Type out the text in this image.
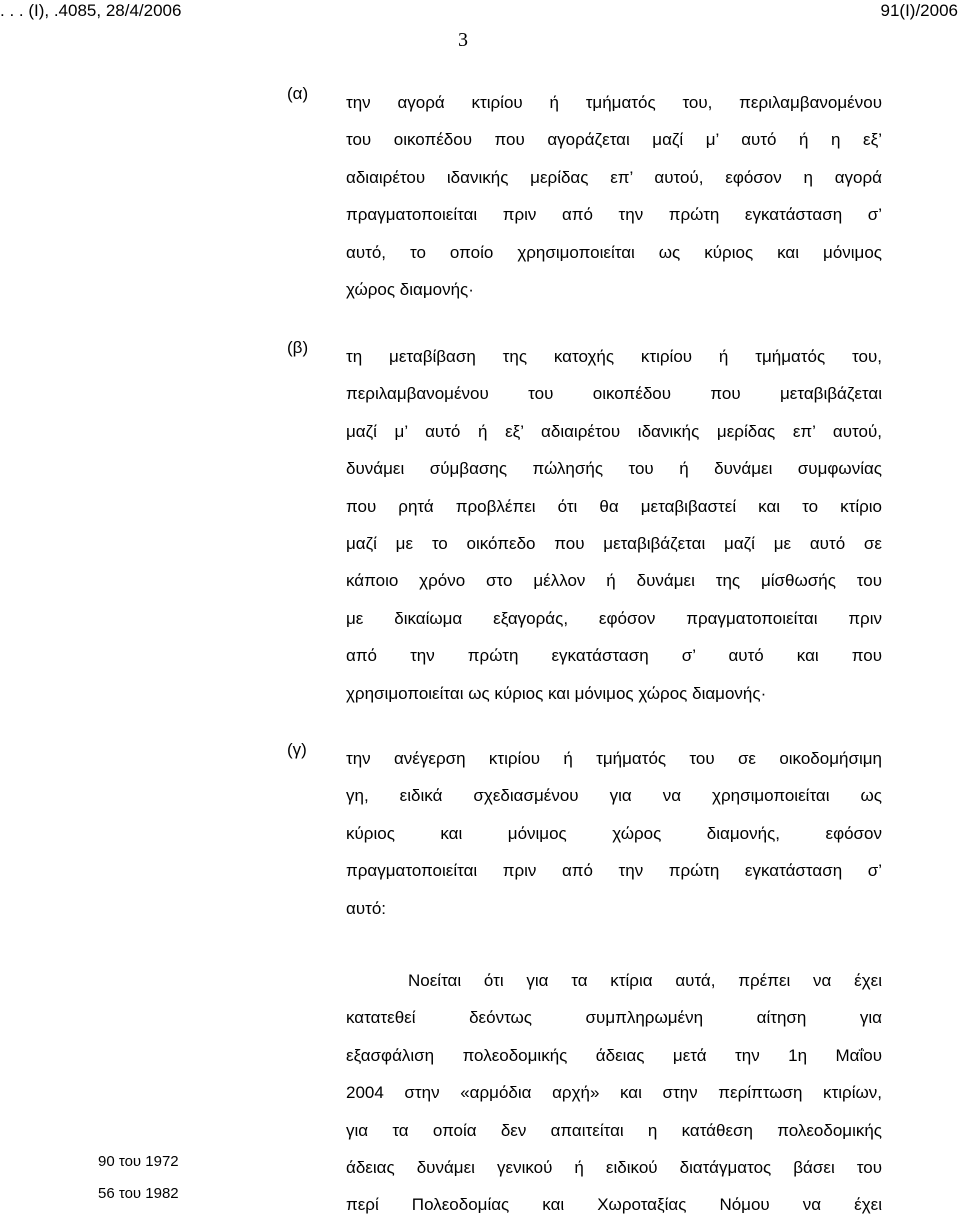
. . . (Ι), .4085, 28/4/2006	91(Ι)/2006
3
(α) την αγορά κτιρίου ή τμήματός του, περιλαμβανομένου
του οικοπέδου που αγοράζεται μαζί μ’ αυτό ή η εξ’
αδιαιρέτου ιδανικής μερίδας επ’ αυτού, εφόσον η αγορά
πραγματοποιείται πριν από την πρώτη εγκατάσταση σ’
αυτό, το οποίο χρησιμοποιείται ως κύριος και μόνιμος
χώρος διαμονής·
(β) τη μεταβίβαση της κατοχής κτιρίου ή τμήματός του,
περιλαμβανομένου του οικοπέδου που μεταβιβάζεται
μαζί μ’ αυτό ή εξ’ αδιαιρέτου ιδανικής μερίδας επ’ αυτού,
δυνάμει σύμβασης πώλησής του ή δυνάμει συμφωνίας
που ρητά προβλέπει ότι θα μεταβιβαστεί και το κτίριο
μαζί με το οικόπεδο που μεταβιβάζεται μαζί με αυτό σε
κάποιο χρόνο στο μέλλον ή δυνάμει της μίσθωσής του
με δικαίωμα εξαγοράς, εφόσον πραγματοποιείται πριν
από την πρώτη εγκατάσταση σ’ αυτό και που
χρησιμοποιείται ως κύριος και μόνιμος χώρος διαμονής·
(γ) την ανέγερση κτιρίου ή τμήματός του σε οικοδομήσιμη
γη, ειδικά σχεδιασμένου για να χρησιμοποιείται ως
κύριος και μόνιμος χώρος διαμονής, εφόσον
πραγματοποιείται πριν από την πρώτη εγκατάσταση σ’
αυτό:
Νοείται ότι για τα κτίρια αυτά, πρέπει να έχει
κατατεθεί δεόντως συμπληρωμένη αίτηση για
εξασφάλιση πολεοδομικής άδειας μετά την 1η Μαΐου
2004 στην «αρμόδια αρχή» και στην περίπτωση κτιρίων,
για τα οποία δεν απαιτείται η κατάθεση πολεοδομικής
άδειας δυνάμει γενικού ή ειδικού διατάγματος βάσει του
περί Πολεοδομίας και Χωροταξίας Νόμου να έχει
90 του 1972
56 του 1982
